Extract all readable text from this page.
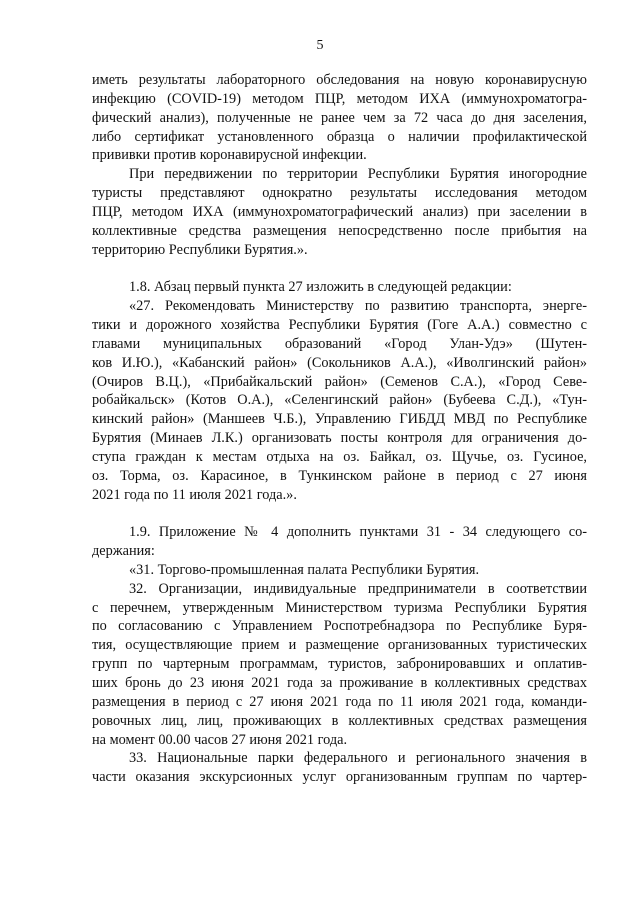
5
иметь результаты лабораторного обследования на новую коронавирусную
инфекцию (COVID-19) методом ПЦР, методом ИХА (иммунохроматогра-
фический анализ), полученные не ранее чем за 72 часа до дня заселения,
либо сертификат установленного образца о наличии профилактической
прививки против коронавирусной инфекции.
При передвижении по территории Республики Бурятия иногородние
туристы представляют однократно результаты исследования методом
ПЦР, методом ИХА (иммунохроматографический анализ) при заселении в
коллективные средства размещения непосредственно после прибытия на
территорию Республики Бурятия.».
1.8. Абзац первый пункта 27 изложить в следующей редакции:
«27. Рекомендовать Министерству по развитию транспорта, энерге-
тики и дорожного хозяйства Республики Бурятия (Гоге А.А.) совместно с
главами муниципальных образований «Город Улан-Удэ» (Шутен-
ков И.Ю.), «Кабанский район» (Сокольников А.А.), «Иволгинский район»
(Очиров В.Ц.), «Прибайкальский район» (Семенов С.А.), «Город Севе-
робайкальск» (Котов О.А.), «Селенгинский район» (Бубеева С.Д.), «Тун-
кинский район» (Маншеев Ч.Б.), Управлению ГИБДД МВД по Республике
Бурятия (Минаев Л.К.) организовать посты контроля для ограничения до-
ступа граждан к местам отдыха на оз. Байкал, оз. Щучье, оз. Гусиное,
оз. Торма, оз. Карасиное, в Тункинском районе в период с 27 июня
2021 года по 11 июля 2021 года.».
1.9. Приложение № 4 дополнить пунктами 31 - 34 следующего со-
держания:
«31. Торгово-промышленная палата Республики Бурятия.
32. Организации, индивидуальные предприниматели в соответствии
с перечнем, утвержденным Министерством туризма Республики Бурятия
по согласованию с Управлением Роспотребнадзора по Республике Буря-
тия, осуществляющие прием и размещение организованных туристических
групп по чартерным программам, туристов, забронировавших и оплатив-
ших бронь до 23 июня 2021 года за проживание в коллективных средствах
размещения в период с 27 июня 2021 года по 11 июля 2021 года, команди-
ровочных лиц, лиц, проживающих в коллективных средствах размещения
на момент 00.00 часов 27 июня 2021 года.
33. Национальные парки федерального и регионального значения в
части оказания экскурсионных услуг организованным группам по чартер-
